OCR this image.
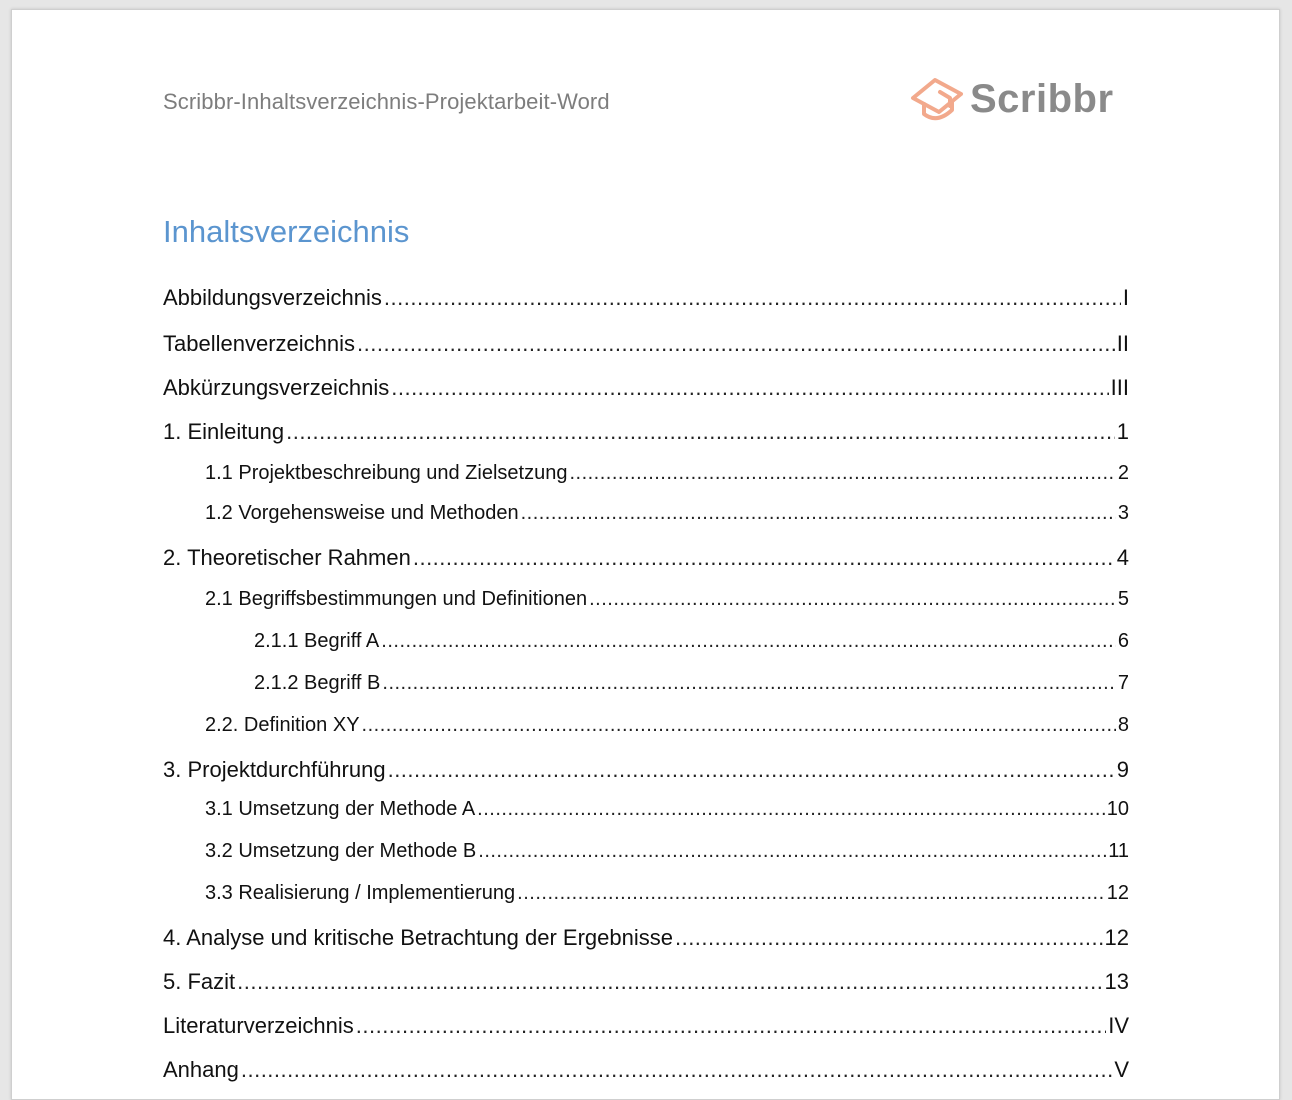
Scribbr-Inhaltsverzeichnis-Projektarbeit-Word	Scribbr
Inhaltsverzeichnis
Abbildungsverzeichnis .....	I
Tabellenverzeichnis .....	II
Abkürzungsverzeichnis .....	III
1. Einleitung .....	1
1.1 Projektbeschreibung und Zielsetzung .....	2
1.2 Vorgehensweise und Methoden .....	3
2. Theoretischer Rahmen .....	4
2.1 Begriffsbestimmungen und Definitionen .....	5
2.1.1 Begriff A .....	6
2.1.2 Begriff B .....	7
2.2. Definition XY .....	8
3. Projektdurchführung .....	9
3.1 Umsetzung der Methode A .....	10
3.2 Umsetzung der Methode B .....	11
3.3 Realisierung / Implementierung .....	12
4. Analyse und kritische Betrachtung der Ergebnisse .....	12
5. Fazit .....	13
Literaturverzeichnis .....	IV
Anhang .....	V
